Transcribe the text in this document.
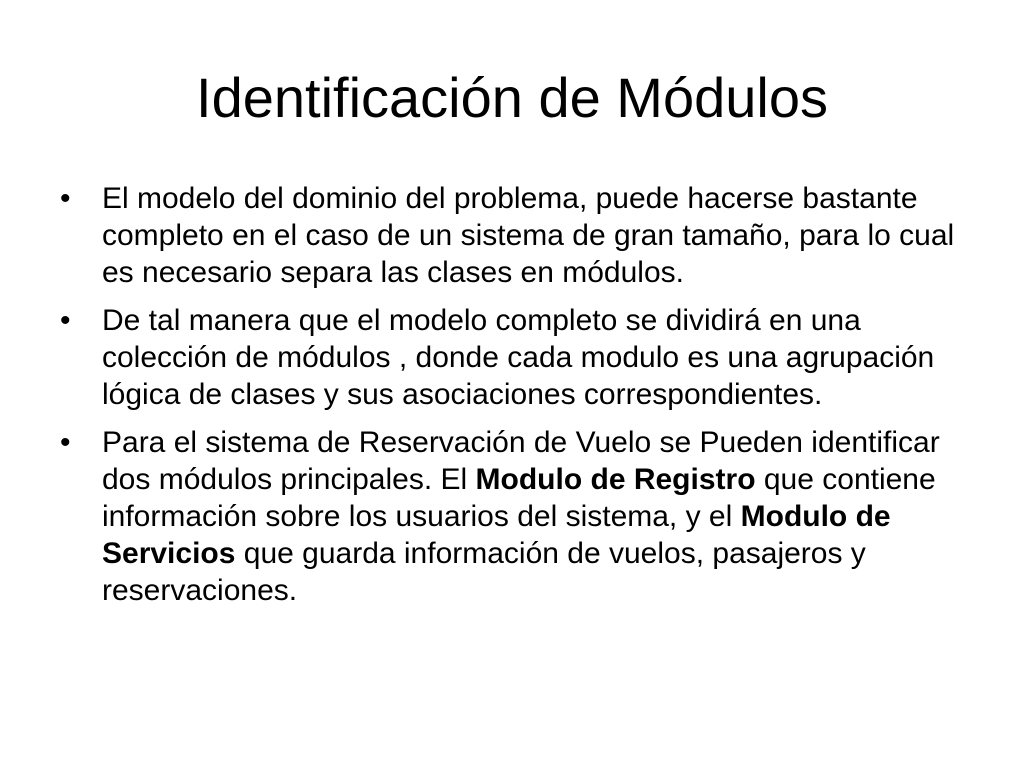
Identificación de Módulos
•	El modelo del dominio del problema, puede hacerse bastante completo en el caso de un sistema de gran tamaño, para lo cual es necesario separa las clases en módulos.
•	De tal manera que el modelo completo se dividirá en una colección de módulos , donde cada modulo es una agrupación lógica de clases y sus asociaciones correspondientes.
•	Para el sistema de Reservación de Vuelo se Pueden identificar dos módulos principales. El Modulo de Registro que contiene información sobre los usuarios del sistema, y el Modulo de Servicios que guarda información de vuelos, pasajeros y reservaciones.
